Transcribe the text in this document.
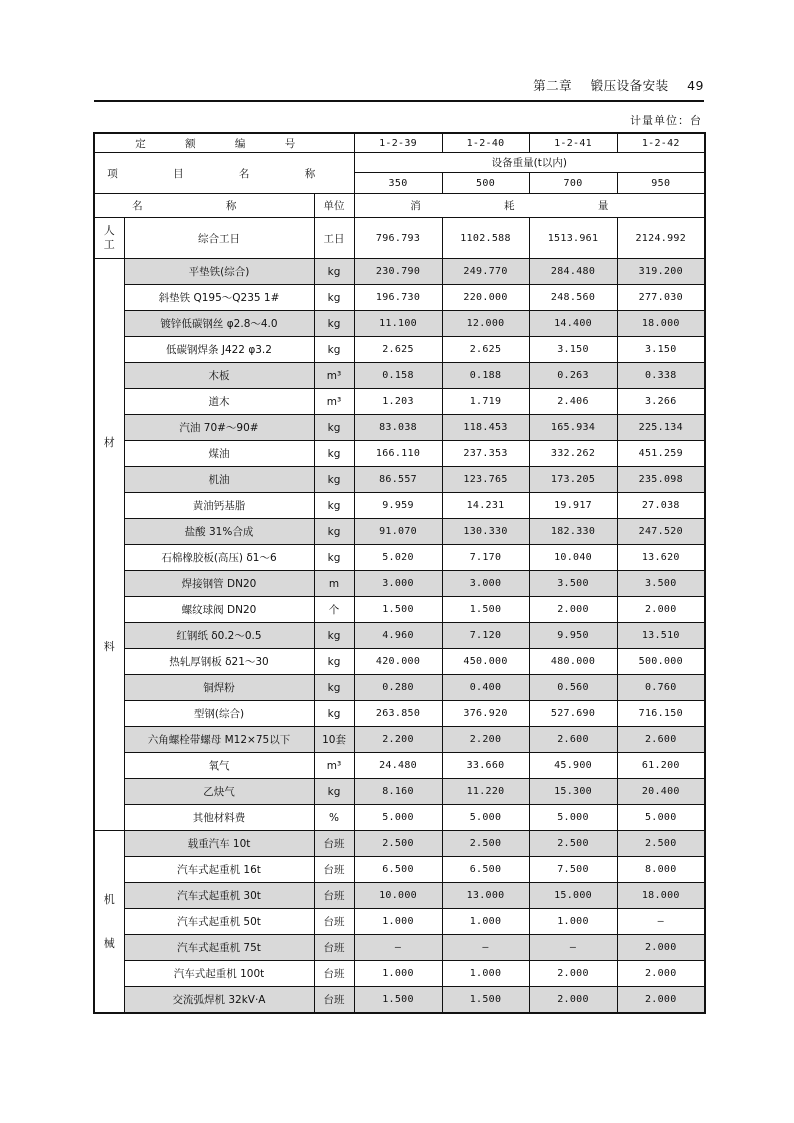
第二章 锻压设备安装 49
计量单位：台
定 额 编 号			1-2-39	1-2-40	1-2-41	1-2-42
项 目 名 称			设备重量(t以内)			
			350	500	700	950
名 称		单位	消 耗 量			

人
工	综合工日	工日	796.793	1102.588	1513.961	2124.992

材
料	平垫铁(综合)	kg	230.790	249.770	284.480	319.200
	斜垫铁 Q195～Q235 1#	kg	196.730	220.000	248.560	277.030
	镀锌低碳钢丝 φ2.8～4.0	kg	11.100	12.000	14.400	18.000
	低碳钢焊条 J422 φ3.2	kg	2.625	2.625	3.150	3.150
	木板	m³	0.158	0.188	0.263	0.338
	道木	m³	1.203	1.719	2.406	3.266
	汽油 70#～90#	kg	83.038	118.453	165.934	225.134
	煤油	kg	166.110	237.353	332.262	451.259
	机油	kg	86.557	123.765	173.205	235.098
	黄油钙基脂	kg	9.959	14.231	19.917	27.038
	盐酸 31%合成	kg	91.070	130.330	182.330	247.520
	石棉橡胶板(高压) δ1～6	kg	5.020	7.170	10.040	13.620
	焊接钢管 DN20	m	3.000	3.000	3.500	3.500
	螺纹球阀 DN20	个	1.500	1.500	2.000	2.000
	红钢纸 δ0.2～0.5	kg	4.960	7.120	9.950	13.510
	热轧厚钢板 δ21～30	kg	420.000	450.000	480.000	500.000
	铜焊粉	kg	0.280	0.400	0.560	0.760
	型钢(综合)	kg	263.850	376.920	527.690	716.150
	六角螺栓带螺母 M12×75以下	10套	2.200	2.200	2.600	2.600
	氧气	m³	24.480	33.660	45.900	61.200
	乙炔气	kg	8.160	11.220	15.300	20.400
	其他材料费	%	5.000	5.000	5.000	5.000

机
械	载重汽车 10t	台班	2.500	2.500	2.500	2.500
	汽车式起重机 16t	台班	6.500	6.500	7.500	8.000
	汽车式起重机 30t	台班	10.000	13.000	15.000	18.000
	汽车式起重机 50t	台班	1.000	1.000	1.000	—
	汽车式起重机 75t	台班	—	—	—	2.000
	汽车式起重机 100t	台班	1.000	1.000	2.000	2.000
	交流弧焊机 32kV·A	台班	1.500	1.500	2.000	2.000
